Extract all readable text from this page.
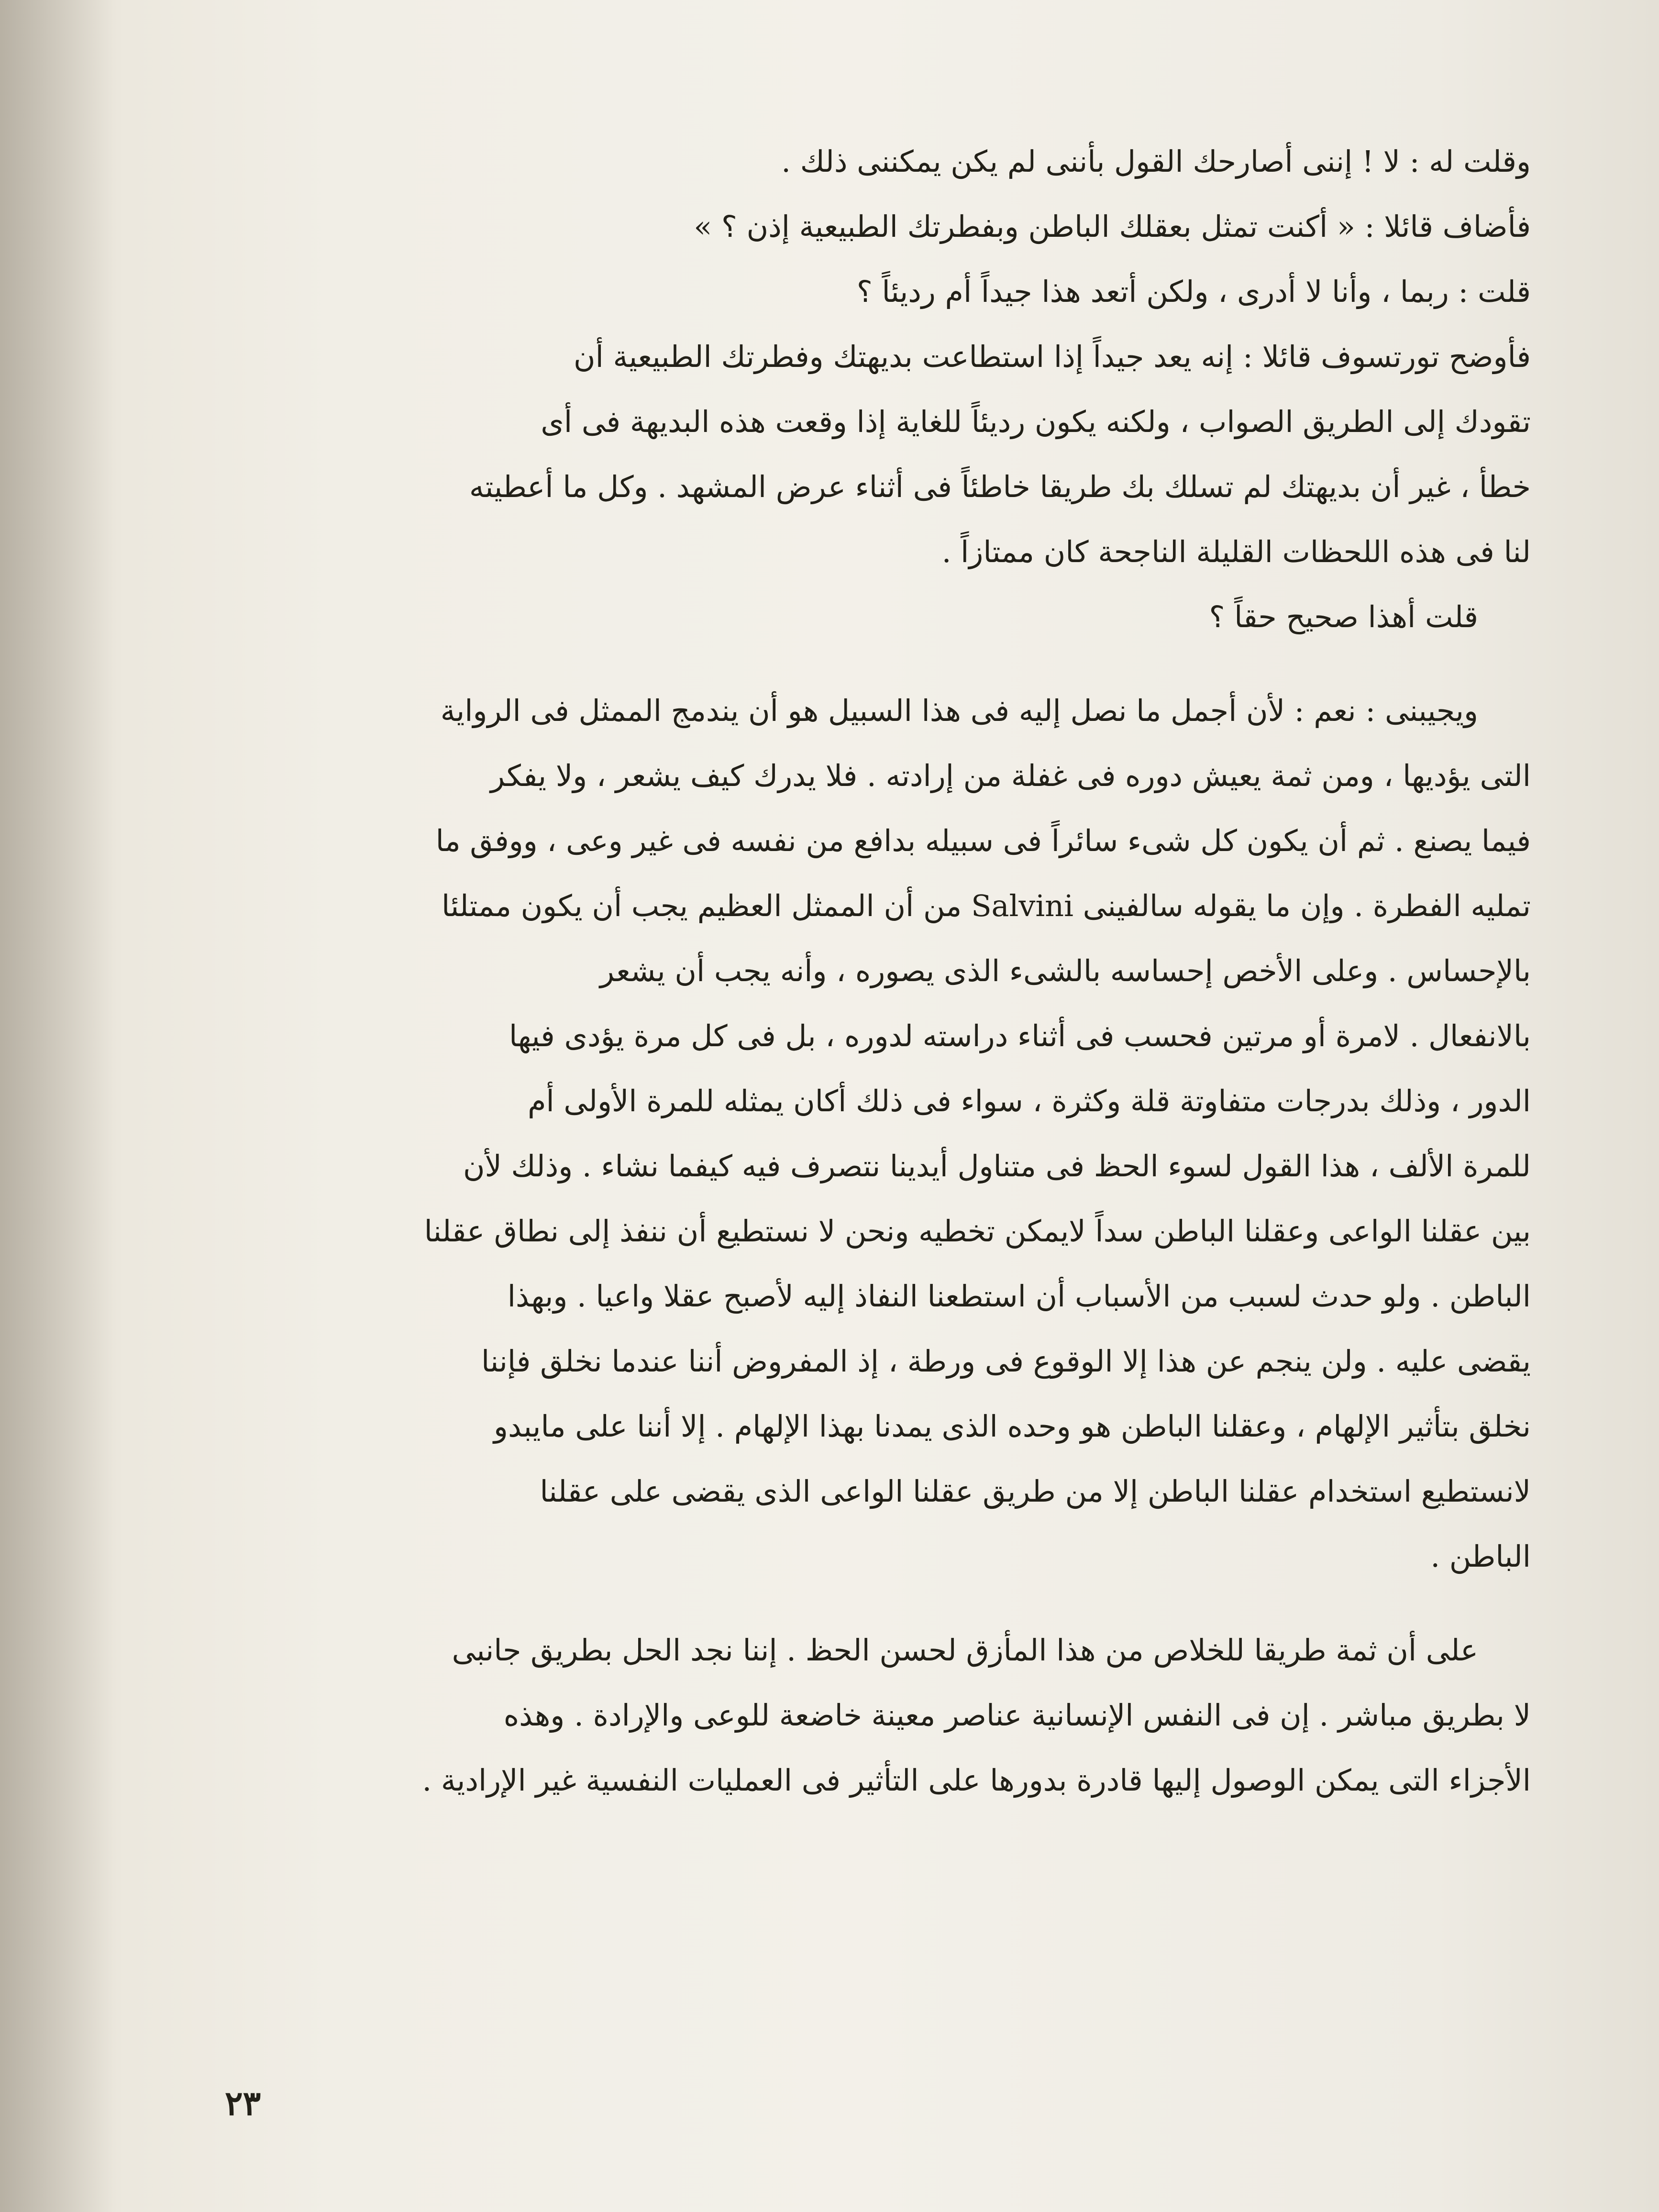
وقلت له : لا ! إننى أصارحك القول بأننى لم يكن يمكننى ذلك .
فأضاف قائلا : « أكنت تمثل بعقلك الباطن وبفطرتك الطبيعية إذن ؟ »
قلت : ربما ، وأنا لا أدرى ، ولكن أتعد هذا جيداً أم رديئاً ؟
فأوضح تورتسوف قائلا : إنه يعد جيداً إذا استطاعت بديهتك وفطرتك الطبيعية أن
تقودك إلى الطريق الصواب ، ولكنه يكون رديئاً للغاية إذا وقعت هذه البديهة فى أى
خطأ ، غير أن بديهتك لم تسلك بك طريقا خاطئاً فى أثناء عرض المشهد . وكل ما أعطيته
لنا فى هذه اللحظات القليلة الناجحة كان ممتازاً .
قلت أهذا صحيح حقاً ؟
ويجيبنى : نعم : لأن أجمل ما نصل إليه فى هذا السبيل هو أن يندمج الممثل فى الرواية
التى يؤديها ، ومن ثمة يعيش دوره فى غفلة من إرادته . فلا يدرك كيف يشعر ، ولا يفكر
فيما يصنع . ثم أن يكون كل شىء سائراً فى سبيله بدافع من نفسه فى غير وعى ، ووفق ما
تمليه الفطرة . وإن ما يقوله سالفينى Salvini من أن الممثل العظيم يجب أن يكون ممتلئا
بالإحساس . وعلى الأخص إحساسه بالشىء الذى يصوره ، وأنه يجب أن يشعر
بالانفعال . لامرة أو مرتين فحسب فى أثناء دراسته لدوره ، بل فى كل مرة يؤدى فيها
الدور ، وذلك بدرجات متفاوتة قلة وكثرة ، سواء فى ذلك أكان يمثله للمرة الأولى أم
للمرة الألف ، هذا القول لسوء الحظ فى متناول أيدينا نتصرف فيه كيفما نشاء . وذلك لأن
بين عقلنا الواعى وعقلنا الباطن سداً لايمكن تخطيه ونحن لا نستطيع أن ننفذ إلى نطاق عقلنا
الباطن . ولو حدث لسبب من الأسباب أن استطعنا النفاذ إليه لأصبح عقلا واعيا . وبهذا
يقضى عليه . ولن ينجم عن هذا إلا الوقوع فى ورطة ، إذ المفروض أننا عندما نخلق فإننا
نخلق بتأثير الإلهام ، وعقلنا الباطن هو وحده الذى يمدنا بهذا الإلهام . إلا أننا على مايبدو
لانستطيع استخدام عقلنا الباطن إلا من طريق عقلنا الواعى الذى يقضى على عقلنا
الباطن .
على أن ثمة طريقا للخلاص من هذا المأزق لحسن الحظ . إننا نجد الحل بطريق جانبى
لا بطريق مباشر . إن فى النفس الإنسانية عناصر معينة خاضعة للوعى والإرادة . وهذه
الأجزاء التى يمكن الوصول إليها قادرة بدورها على التأثير فى العمليات النفسية غير الإرادية .
٢٣
